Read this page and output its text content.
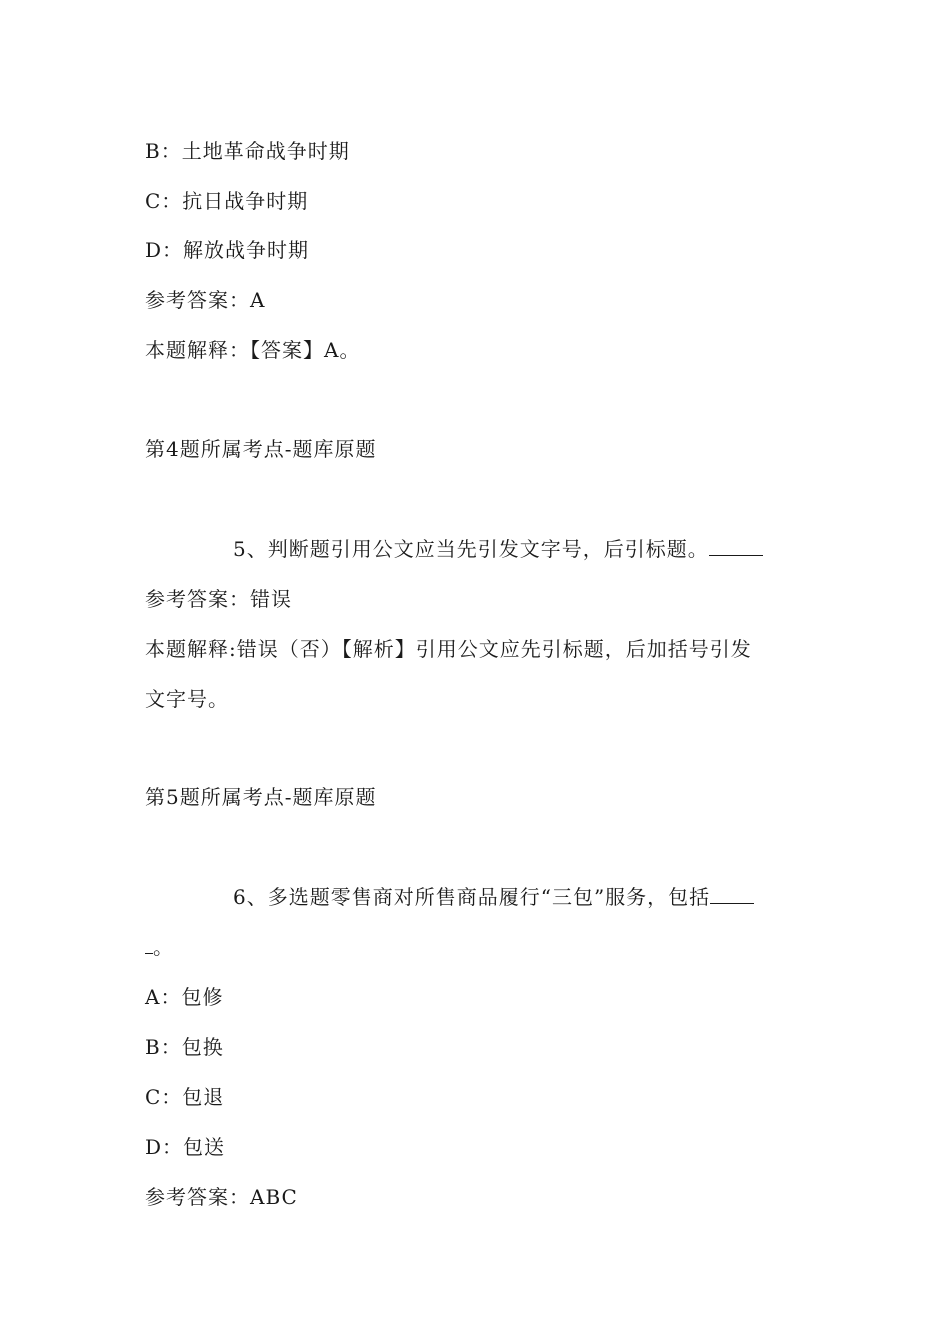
B：土地革命战争时期
C：抗日战争时期
D：解放战争时期
参考答案：A
本题解释：【答案】A。
第4题所属考点-题库原题
5、判断题引用公文应当先引发文字号，后引标题。
参考答案：错误
本题解释:错误（否）【解析】引用公文应先引标题，后加括号引发
文字号。
第5题所属考点-题库原题
6、多选题零售商对所售商品履行“三包”服务，包括
。
A：包修
B：包换
C：包退
D：包送
参考答案：ABC
